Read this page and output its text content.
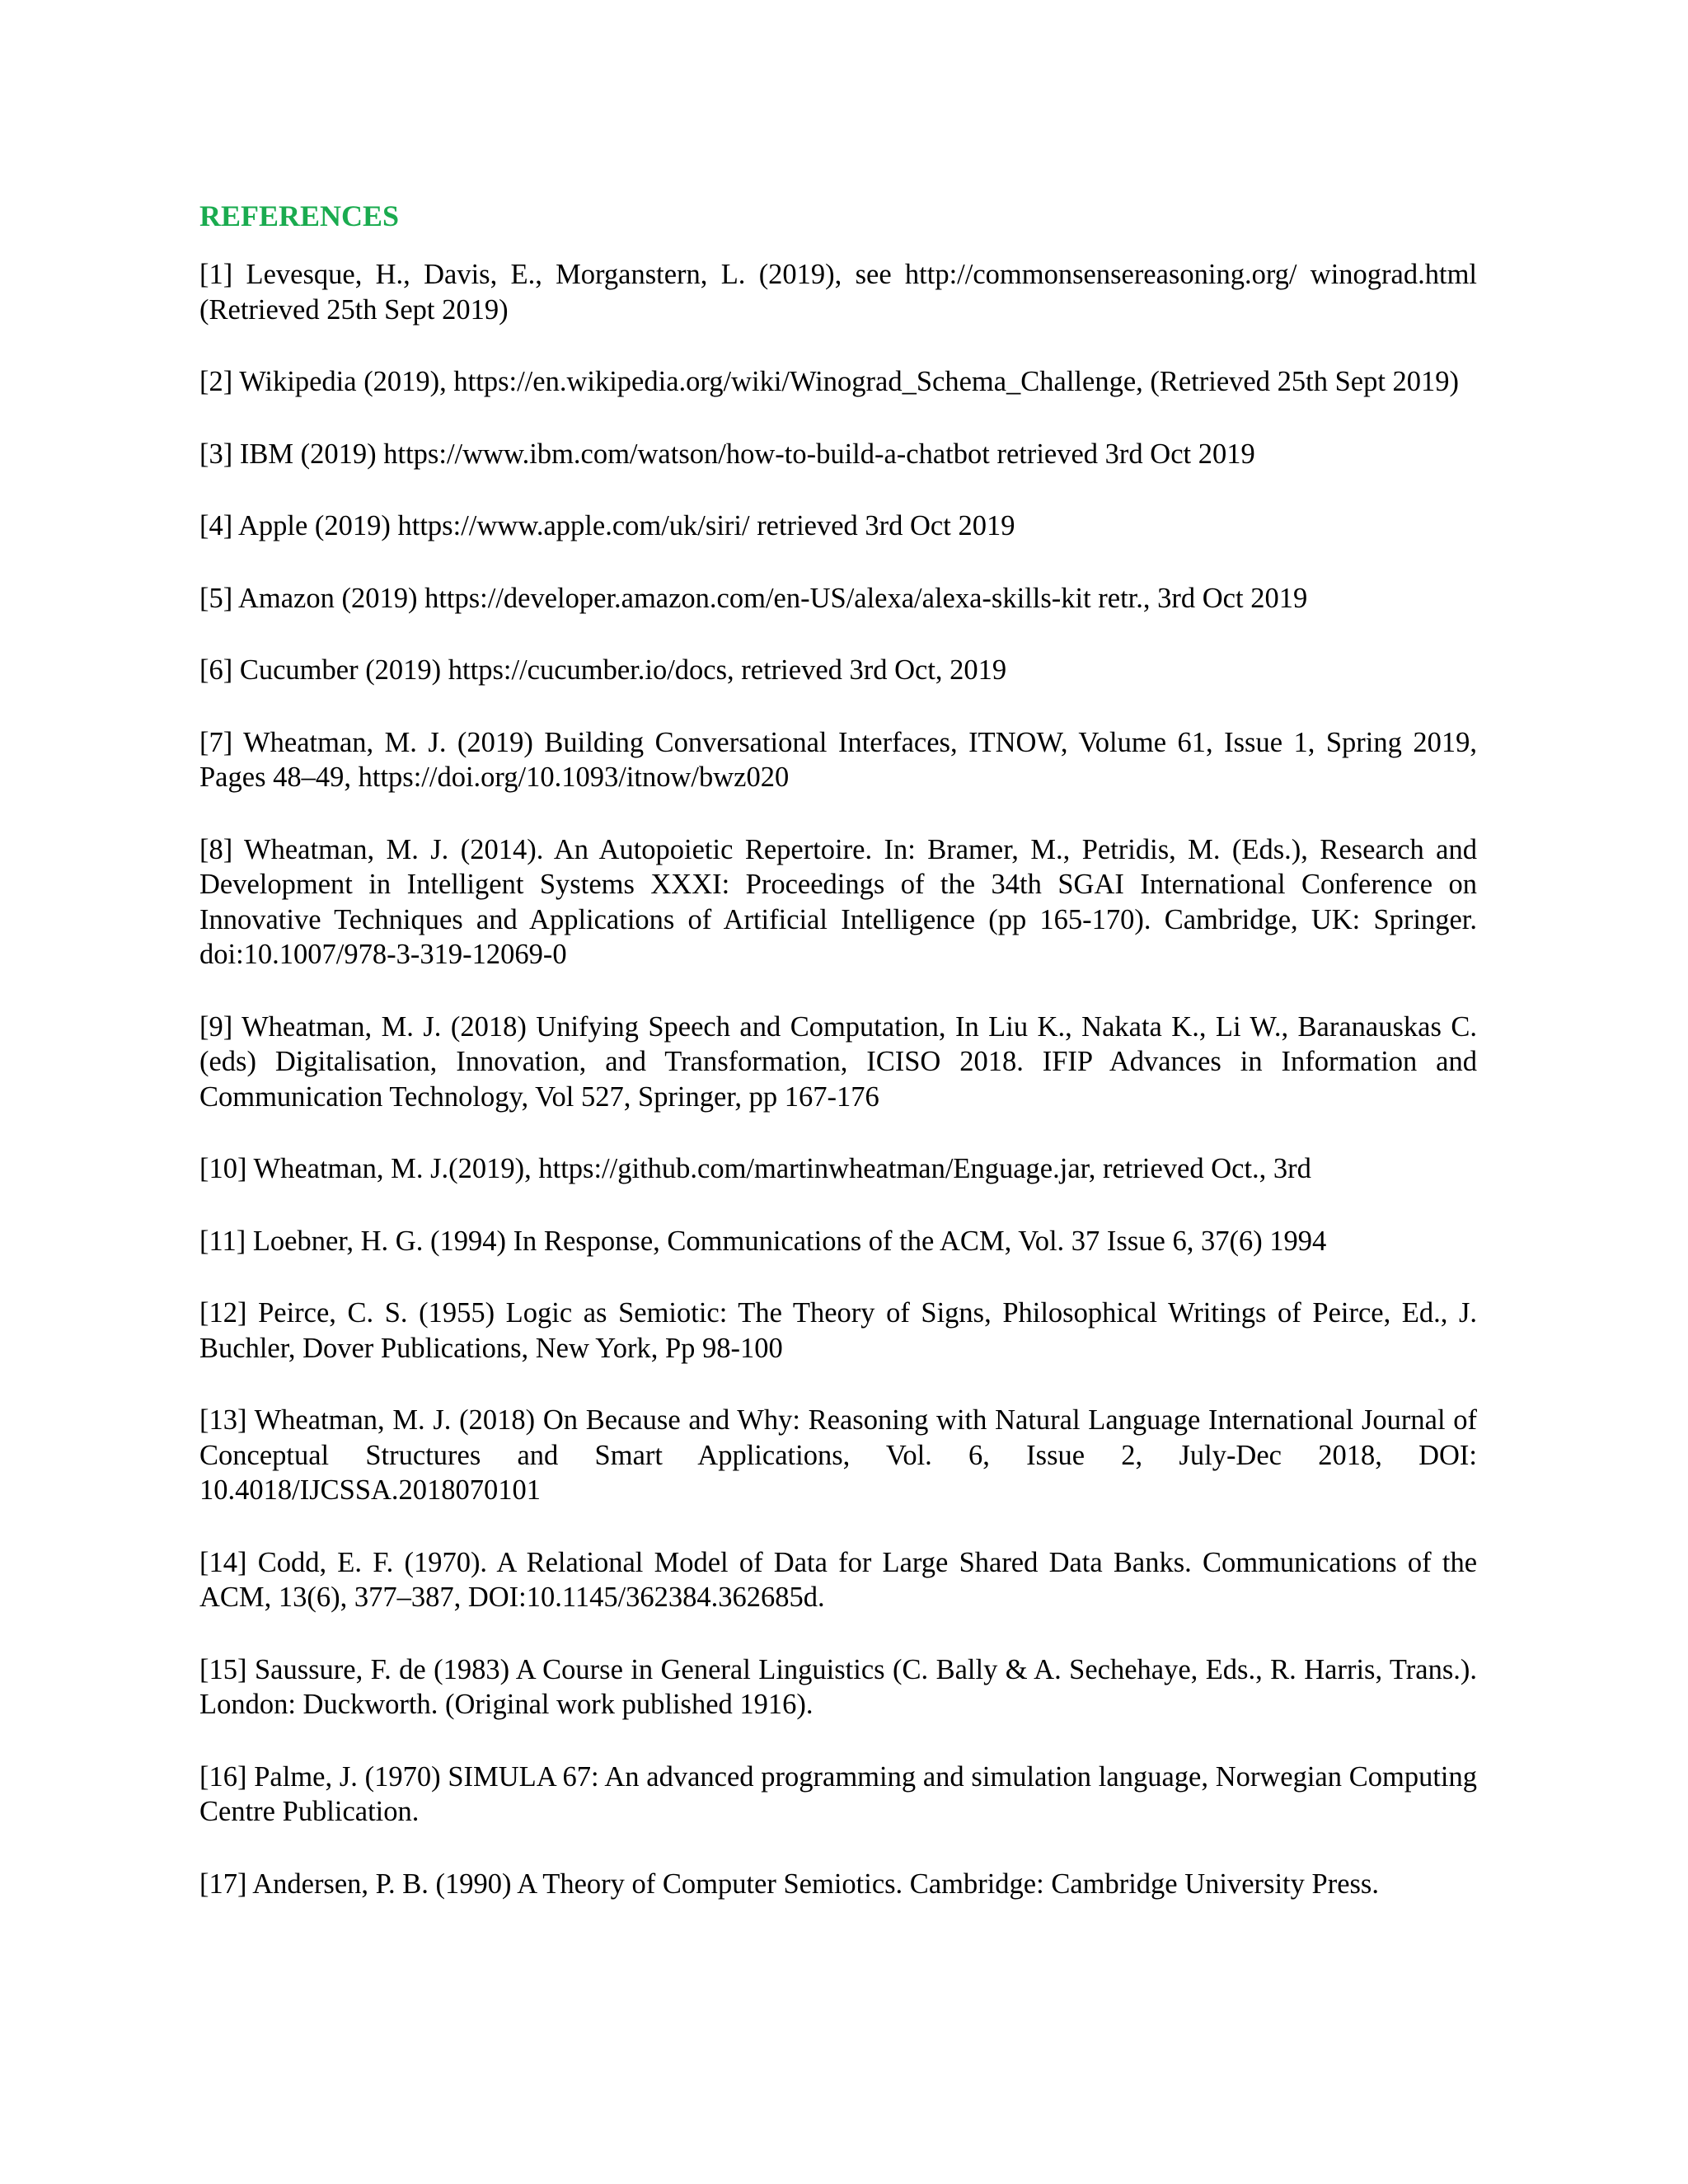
REFERENCES
[1] Levesque, H., Davis, E., Morganstern, L. (2019), see http://commonsensereasoning.org/ winograd.html (Retrieved 25th Sept 2019)
[2] Wikipedia (2019), https://en.wikipedia.org/wiki/Winograd_Schema_Challenge, (Retrieved 25th Sept 2019)
[3] IBM (2019) https://www.ibm.com/watson/how-to-build-a-chatbot retrieved 3rd Oct 2019
[4] Apple (2019) https://www.apple.com/uk/siri/ retrieved 3rd Oct 2019
[5] Amazon (2019) https://developer.amazon.com/en-US/alexa/alexa-skills-kit retr., 3rd Oct 2019
[6] Cucumber (2019) https://cucumber.io/docs, retrieved 3rd Oct, 2019
[7] Wheatman, M. J. (2019) Building Conversational Interfaces, ITNOW, Volume 61, Issue 1, Spring 2019, Pages 48–49, https://doi.org/10.1093/itnow/bwz020
[8] Wheatman, M. J. (2014). An Autopoietic Repertoire. In: Bramer, M., Petridis, M. (Eds.), Research and Development in Intelligent Systems XXXI: Proceedings of the 34th SGAI International Conference on Innovative Techniques and Applications of Artificial Intelligence (pp 165-170). Cambridge, UK: Springer. doi:10.1007/978-3-319-12069-0
[9] Wheatman, M. J. (2018) Unifying Speech and Computation, In Liu K., Nakata K., Li W., Baranauskas C. (eds) Digitalisation, Innovation, and Transformation, ICISO 2018. IFIP Advances in Information and Communication Technology, Vol 527, Springer, pp 167-176
[10] Wheatman, M. J.(2019), https://github.com/martinwheatman/Enguage.jar, retrieved Oct., 3rd
[11] Loebner, H. G. (1994) In Response, Communications of the ACM, Vol. 37 Issue 6, 37(6) 1994
[12] Peirce, C. S. (1955) Logic as Semiotic: The Theory of Signs, Philosophical Writings of Peirce, Ed., J. Buchler, Dover Publications, New York, Pp 98-100
[13] Wheatman, M. J. (2018) On Because and Why: Reasoning with Natural Language International Journal of Conceptual Structures and Smart Applications, Vol. 6, Issue 2, July-Dec 2018, DOI: 10.4018/IJCSSA.2018070101
[14] Codd, E. F. (1970). A Relational Model of Data for Large Shared Data Banks. Communications of the ACM, 13(6), 377–387, DOI:10.1145/362384.362685d.
[15] Saussure, F. de (1983) A Course in General Linguistics (C. Bally & A. Sechehaye, Eds., R. Harris, Trans.). London: Duckworth. (Original work published 1916).
[16] Palme, J. (1970) SIMULA 67: An advanced programming and simulation language, Norwegian Computing Centre Publication.
[17] Andersen, P. B. (1990) A Theory of Computer Semiotics. Cambridge: Cambridge University Press.
